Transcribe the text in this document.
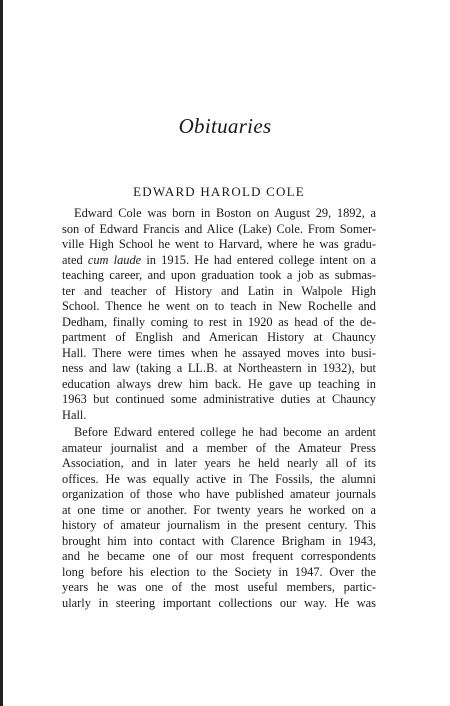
Obituaries
EDWARD HAROLD COLE
Edward Cole was born in Boston on August 29, 1892, a
son of Edward Francis and Alice (Lake) Cole. From Somer-
ville High School he went to Harvard, where he was gradu-
ated cum laude in 1915. He had entered college intent on a
teaching career, and upon graduation took a job as submas-
ter and teacher of History and Latin in Walpole High
School. Thence he went on to teach in New Rochelle and
Dedham, finally coming to rest in 1920 as head of the de-
partment of English and American History at Chauncy
Hall. There were times when he assayed moves into busi-
ness and law (taking a LL.B. at Northeastern in 1932), but
education always drew him back. He gave up teaching in
1963 but continued some administrative duties at Chauncy
Hall.
Before Edward entered college he had become an ardent
amateur journalist and a member of the Amateur Press
Association, and in later years he held nearly all of its
offices. He was equally active in The Fossils, the alumni
organization of those who have published amateur journals
at one time or another. For twenty years he worked on a
history of amateur journalism in the present century. This
brought him into contact with Clarence Brigham in 1943,
and he became one of our most frequent correspondents
long before his election to the Society in 1947. Over the
years he was one of the most useful members, partic-
ularly in steering important collections our way. He was
